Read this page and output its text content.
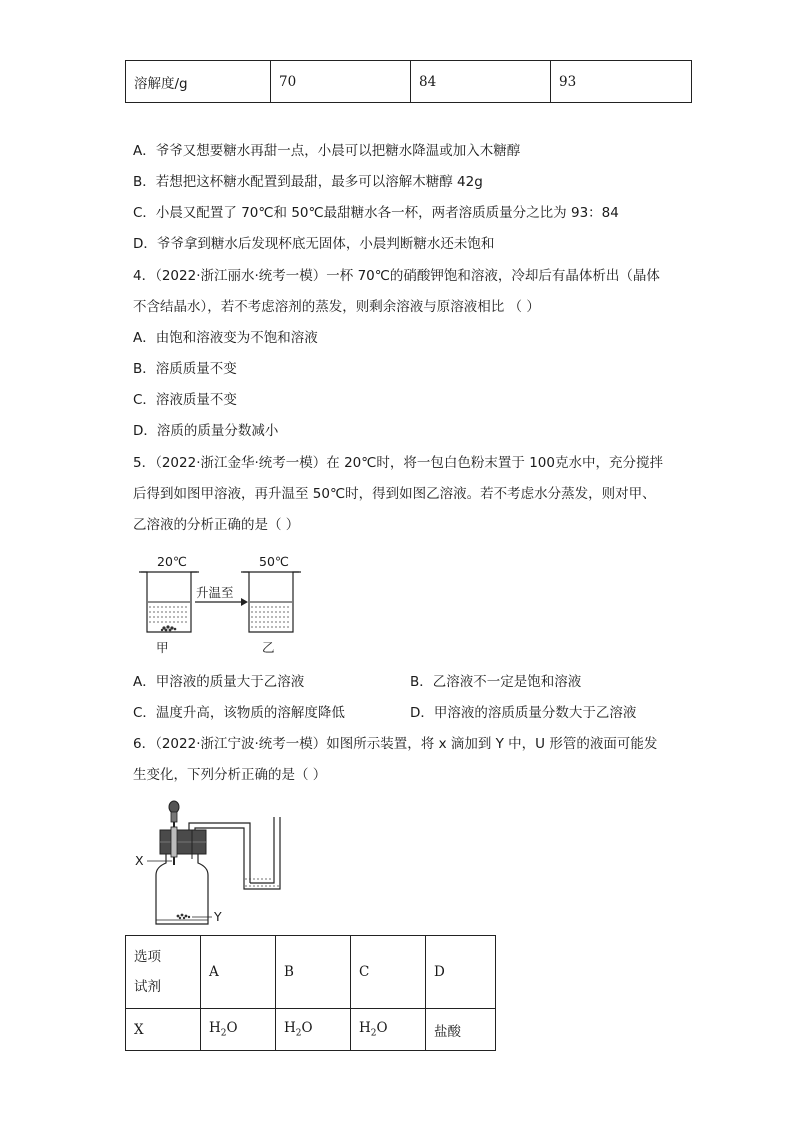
溶解度/g	70	84	93
A．爷爷又想要糖水再甜一点，小晨可以把糖水降温或加入木糖醇
B．若想把这杯糖水配置到最甜，最多可以溶解木糖醇 42g
C．小晨又配置了 70℃和 50℃最甜糖水各一杯，两者溶质质量分之比为 93：84
D．爷爷拿到糖水后发现杯底无固体，小晨判断糖水还未饱和
4．（2022·浙江丽水·统考一模）一杯 70℃的硝酸钾饱和溶液，冷却后有晶体析出（晶体
不含结晶水），若不考虑溶剂的蒸发，则剩余溶液与原溶液相比 （ ）
A．由饱和溶液变为不饱和溶液
B．溶质质量不变
C．溶液质量不变
D．溶质的质量分数减小
5．（2022·浙江金华·统考一模）在 20℃时，将一包白色粉末置于 100克水中，充分搅拌
后得到如图甲溶液，再升温至 50℃时，得到如图乙溶液。若不考虑水分蒸发，则对甲、
乙溶液的分析正确的是（ ）
20℃	50℃
升温至
甲	乙
A．甲溶液的质量大于乙溶液	B．乙溶液不一定是饱和溶液
C．温度升高，该物质的溶解度降低	D．甲溶液的溶质质量分数大于乙溶液
6．（2022·浙江宁波·统考一模）如图所示装置，将 x 滴加到 Y 中，U 形管的液面可能发
生变化，下列分析正确的是（ ）
X
Y
选项
试剂	A	B	C	D
X	$H_2O$	$H_2O$	$H_2O$	盐酸
